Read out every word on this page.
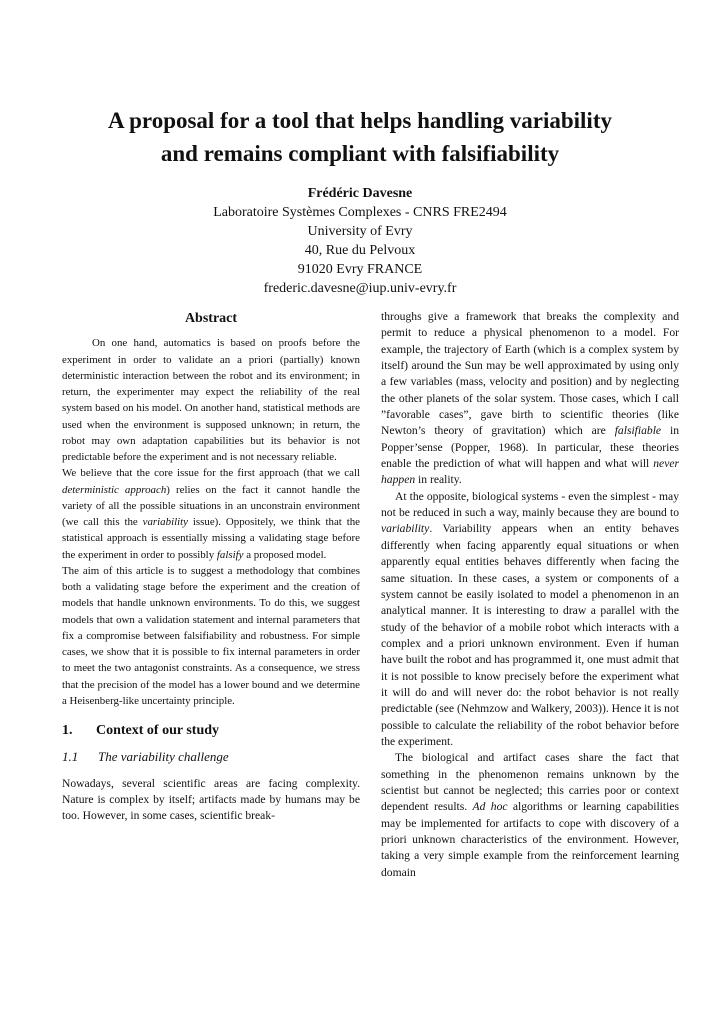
A proposal for a tool that helps handling variability
and remains compliant with falsifiability
Frédéric Davesne
Laboratoire Systèmes Complexes - CNRS FRE2494
University of Evry
40, Rue du Pelvoux
91020 Evry FRANCE
frederic.davesne@iup.univ-evry.fr
Abstract

On one hand, automatics is based on proofs before the experiment in order to validate an a priori (partially) known deterministic interaction between the robot and its environment; in return, the experimenter may expect the reliability of the real system based on his model. On another hand, statistical methods are used when the environment is supposed unknown; in return, the robot may own adaptation capabilities but its behavior is not predictable before the experiment and is not necessary reliable.

We believe that the core issue for the first approach (that we call deterministic approach) relies on the fact it cannot handle the variety of all the possible situations in an unconstrain environment (we call this the variability issue). Oppositely, we think that the statistical approach is essentially missing a validating stage before the experiment in order to possibly falsify a proposed model.

The aim of this article is to suggest a methodology that combines both a validating stage before the experiment and the creation of models that handle unknown environments. To do this, we suggest models that own a validation statement and internal parameters that fix a compromise between falsifiability and robustness. For simple cases, we show that it is possible to fix internal parameters in order to meet the two antagonist constraints. As a consequence, we stress that the precision of the model has a lower bound and we determine a Heisenberg-like uncertainty principle.

1. Context of our study
1.1 The variability challenge

Nowadays, several scientific areas are facing complexity. Nature is complex by itself; artifacts made by humans may be too. However, in some cases, scientific break-

throughs give a framework that breaks the complexity and permit to reduce a physical phenomenon to a model. For example, the trajectory of Earth (which is a complex system by itself) around the Sun may be well approximated by using only a few variables (mass, velocity and position) and by neglecting the other planets of the solar system. Those cases, which I call ”favorable cases”, gave birth to scientific theories (like Newton’s theory of gravitation) which are falsifiable in Popper’sense (Popper, 1968). In particular, these theories enable the prediction of what will happen and what will never happen in reality.

At the opposite, biological systems - even the simplest - may not be reduced in such a way, mainly because they are bound to variability. Variability appears when an entity behaves differently when facing apparently equal situations or when apparently equal entities behaves differently when facing the same situation. In these cases, a system or components of a system cannot be easily isolated to model a phenomenon in an analytical manner. It is interesting to draw a parallel with the study of the behavior of a mobile robot which interacts with a complex and a priori unknown environment. Even if human have built the robot and has programmed it, one must admit that it is not possible to know precisely before the experiment what it will do and will never do: the robot behavior is not really predictable (see (Nehmzow and Walkery, 2003)). Hence it is not possible to calculate the reliability of the robot behavior before the experiment.

The biological and artifact cases share the fact that something in the phenomenon remains unknown by the scientist but cannot be neglected; this carries poor or context dependent results. Ad hoc algorithms or learning capabilities may be implemented for artifacts to cope with discovery of a priori unknown characteristics of the environment. However, taking a very simple example from the reinforcement learning domain
